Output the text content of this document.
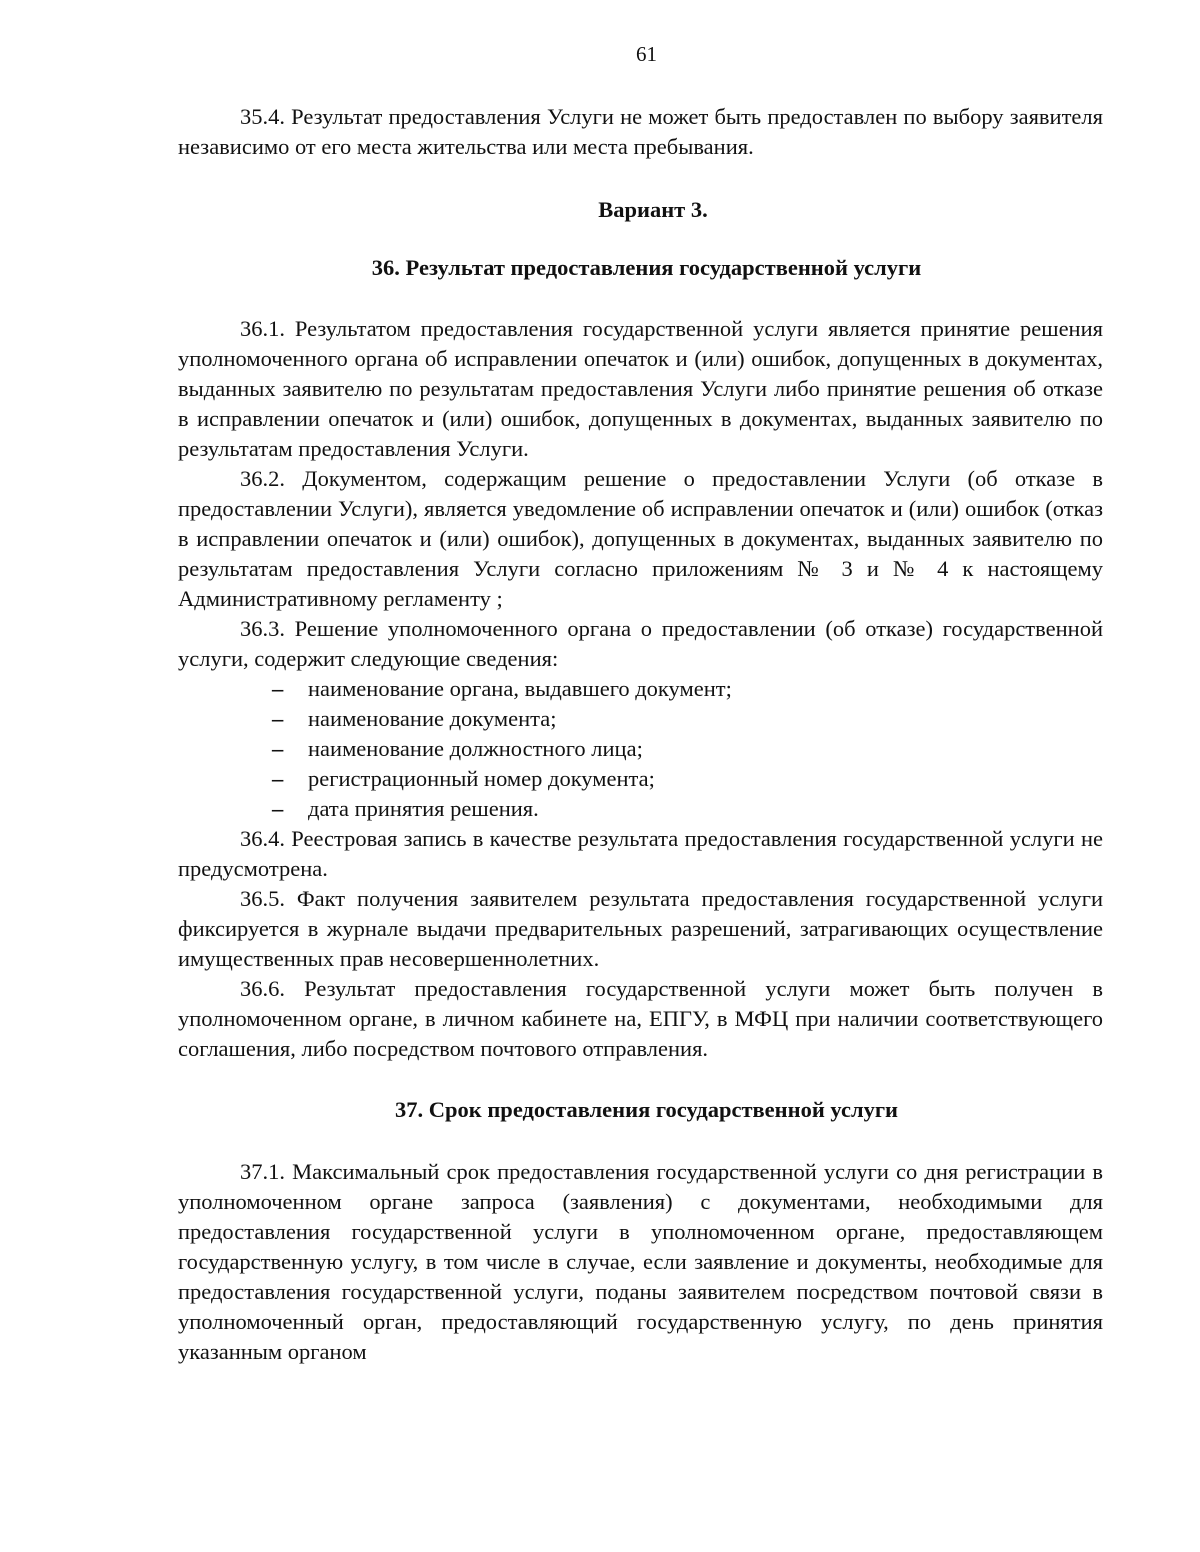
61

35.4. Результат предоставления Услуги не может быть предоставлен по выбору заявителя независимо от его места жительства или места пребывания.

Вариант 3.
36. Результат предоставления государственной услуги

36.1. Результатом предоставления государственной услуги является принятие решения уполномоченного органа об исправлении опечаток и (или) ошибок, допущенных в документах, выданных заявителю по результатам предоставления Услуги либо принятие решения об отказе в исправлении опечаток и (или) ошибок, допущенных в документах, выданных заявителю по результатам предоставления Услуги.

36.2. Документом, содержащим решение о предоставлении Услуги (об отказе в предоставлении Услуги), является уведомление об исправлении опечаток и (или) ошибок (отказ в исправлении опечаток и (или) ошибок), допущенных в документах, выданных заявителю по результатам предоставления Услуги согласно приложениям № 3 и № 4 к настоящему Административному регламенту ;

36.3. Решение уполномоченного органа о предоставлении (об отказе) государственной услуги, содержит следующие сведения:

–	наименование органа, выдавшего документ;
–	наименование документа;
–	наименование должностного лица;
–	регистрационный номер документа;
–	дата принятия решения.

36.4. Реестровая запись в качестве результата предоставления государственной услуги не предусмотрена.

36.5. Факт получения заявителем результата предоставления государственной услуги фиксируется в журнале выдачи предварительных разрешений, затрагивающих осуществление имущественных прав несовершеннолетних.

36.6. Результат предоставления государственной услуги может быть получен в уполномоченном органе, в личном кабинете на, ЕПГУ, в МФЦ при наличии соответствующего соглашения, либо посредством почтового отправления.

37. Срок предоставления государственной услуги

37.1. Максимальный срок предоставления государственной услуги со дня регистрации в уполномоченном органе запроса (заявления) с документами, необходимыми для предоставления государственной услуги в уполномоченном органе, предоставляющем государственную услугу, в том числе в случае, если заявление и документы, необходимые для предоставления государственной услуги, поданы заявителем посредством почтовой связи в уполномоченный орган, предоставляющий государственную услугу, по день принятия указанным органом
